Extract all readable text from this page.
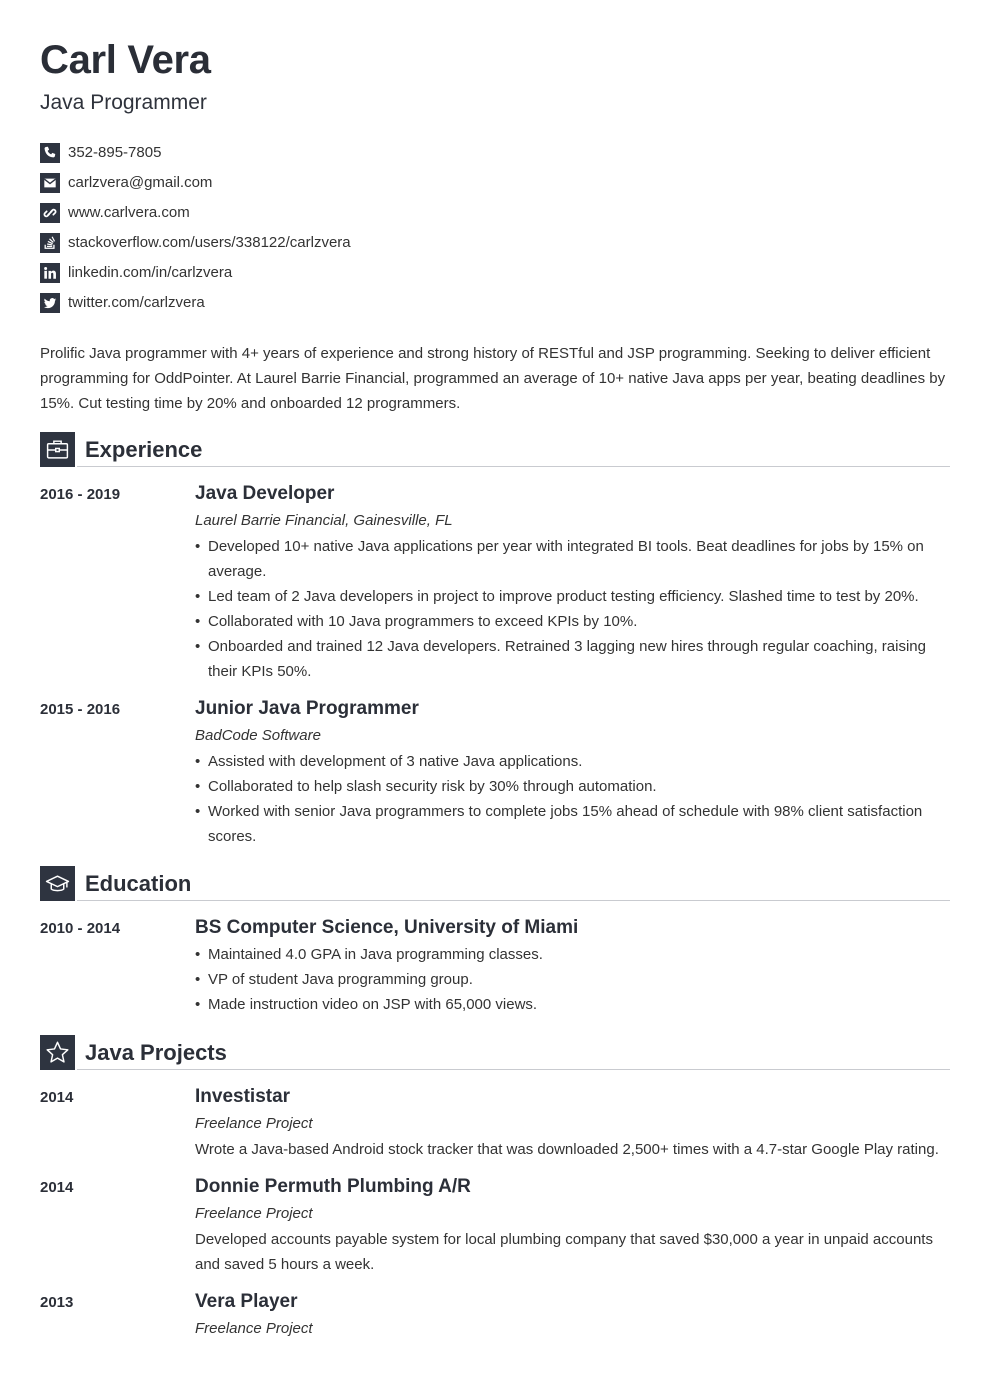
Carl Vera
Java Programmer
352-895-7805
carlzvera@gmail.com
www.carlvera.com
stackoverflow.com/users/338122/carlzvera
linkedin.com/in/carlzvera
twitter.com/carlzvera
Prolific Java programmer with 4+ years of experience and strong history of RESTful and JSP programming. Seeking to deliver efficient programming for OddPointer. At Laurel Barrie Financial, programmed an average of 10+ native Java apps per year, beating deadlines by 15%. Cut testing time by 20% and onboarded 12 programmers.
Experience
2016 - 2019	Java Developer
Laurel Barrie Financial, Gainesville, FL
• Developed 10+ native Java applications per year with integrated BI tools. Beat deadlines for jobs by 15% on average.
• Led team of 2 Java developers in project to improve product testing efficiency. Slashed time to test by 20%.
• Collaborated with 10 Java programmers to exceed KPIs by 10%.
• Onboarded and trained 12 Java developers. Retrained 3 lagging new hires through regular coaching, raising their KPIs 50%.
2015 - 2016	Junior Java Programmer
BadCode Software
• Assisted with development of 3 native Java applications.
• Collaborated to help slash security risk by 30% through automation.
• Worked with senior Java programmers to complete jobs 15% ahead of schedule with 98% client satisfaction scores.
Education
2010 - 2014	BS Computer Science, University of Miami
• Maintained 4.0 GPA in Java programming classes.
• VP of student Java programming group.
• Made instruction video on JSP with 65,000 views.
Java Projects
2014	Investistar
Freelance Project
Wrote a Java-based Android stock tracker that was downloaded 2,500+ times with a 4.7-star Google Play rating.
2014	Donnie Permuth Plumbing A/R
Freelance Project
Developed accounts payable system for local plumbing company that saved $30,000 a year in unpaid accounts and saved 5 hours a week.
2013	Vera Player
Freelance Project
